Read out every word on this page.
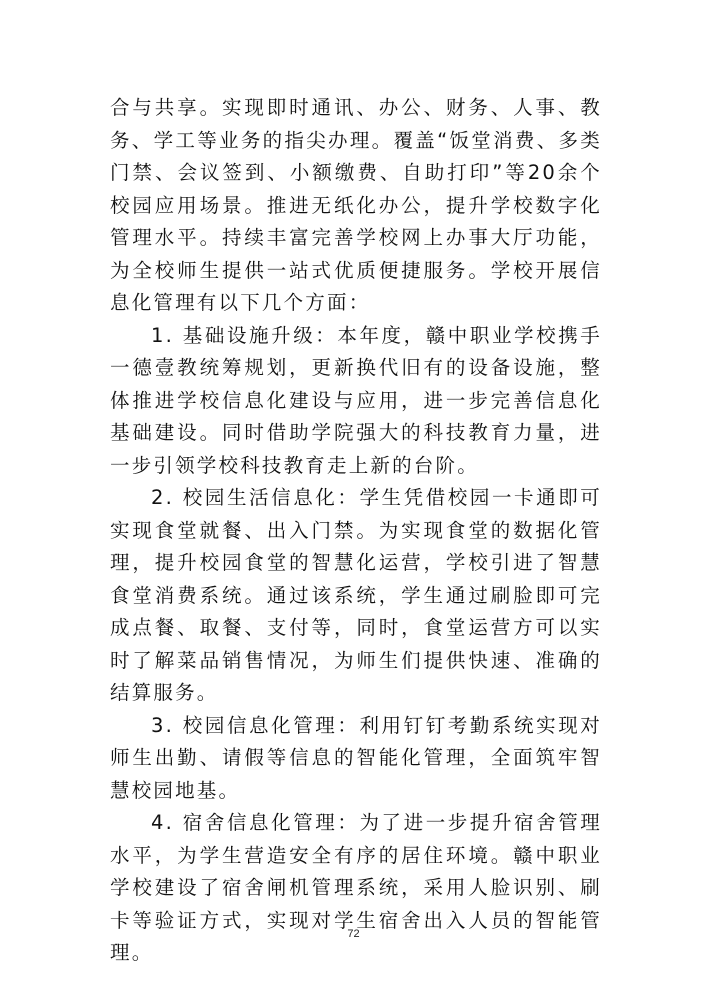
合与共享。实现即时通讯、办公、财务、人事、教务、学工等业务的指尖办理。覆盖“饭堂消费、多类门禁、会议签到、小额缴费、自助打印”等20余个校园应用场景。推进无纸化办公，提升学校数字化管理水平。持续丰富完善学校网上办事大厅功能，为全校师生提供一站式优质便捷服务。学校开展信息化管理有以下几个方面：

1. 基础设施升级：本年度，赣中职业学校携手一德壹教统筹规划，更新换代旧有的设备设施，整体推进学校信息化建设与应用，进一步完善信息化基础建设。同时借助学院强大的科技教育力量，进一步引领学校科技教育走上新的台阶。

2. 校园生活信息化：学生凭借校园一卡通即可实现食堂就餐、出入门禁。为实现食堂的数据化管理，提升校园食堂的智慧化运营，学校引进了智慧食堂消费系统。通过该系统，学生通过刷脸即可完成点餐、取餐、支付等，同时，食堂运营方可以实时了解菜品销售情况，为师生们提供快速、准确的结算服务。

3. 校园信息化管理：利用钉钉考勤系统实现对师生出勤、请假等信息的智能化管理，全面筑牢智慧校园地基。

4. 宿舍信息化管理：为了进一步提升宿舍管理水平，为学生营造安全有序的居住环境。赣中职业学校建设了宿舍闸机管理系统，采用人脸识别、刷卡等验证方式，实现对学生宿舍出入人员的智能管理。

72
